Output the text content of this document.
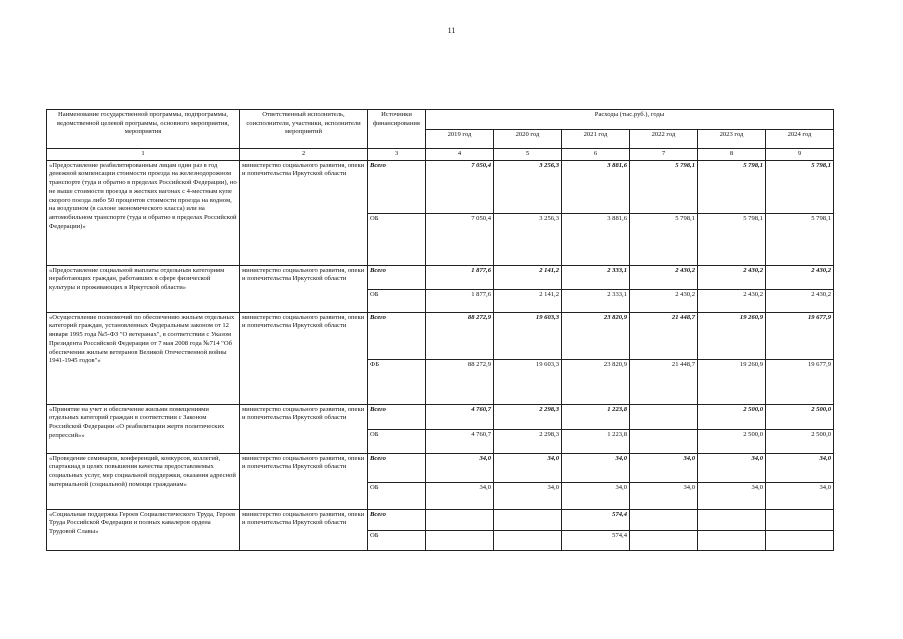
11
Наименование государственной программы, подпрограммы, ведомственной целевой программы, основного мероприятия, мероприятия	Ответственный исполнитель, соисполнители, участники, исполнители мероприятий	Источники финансирования	Расходы (тыс.руб.), годы					
			2019 год	2020 год	2021 год	2022 год	2023 год	2024 год
1	2	3	4	5	6	7	8	9
«Предоставление реабилитированным лицам один раз в год денежной компенсации стоимости проезда на железнодорожном транспорте (туда и обратно в пределах Российской Федерации), но не выше стоимости проезда в жестких вагонах с 4-местным купе скорого поезда либо 50 процентов стоимости проезда на водном, на воздушном (в салоне экономического класса) или на автомобильном транспорте (туда и обратно в пределах Российской Федерации)»	министерство социального развития, опеки и попечительства Иркутской области	Всего	7 050,4	3 256,3	3 881,6	5 798,1	5 798,1	5 798,1
		ОБ	7 050,4	3 256,3	3 881,6	5 798,1	5 798,1	5 798,1
«Предоставление социальной выплаты отдельным категориям неработающих граждан, работавших в сфере физической культуры и проживающих в Иркутской области»	министерство социального развития, опеки и попечительства Иркутской области	Всего	1 877,6	2 141,2	2 333,1	2 430,2	2 430,2	2 430,2
		ОБ	1 877,6	2 141,2	2 333,1	2 430,2	2 430,2	2 430,2
«Осуществление полномочий по обеспечению жильем отдельных категорий граждан, установленных Федеральным законом от 12 января 1995 года №5-ФЗ "О ветеранах", в соответствии с Указом Президента Российской Федерации от 7 мая 2008 года №714 "Об обеспечении жильем ветеранов Великой Отечественной войны 1941-1945 годов"»	министерство социального развития, опеки и попечительства Иркутской области	Всего	88 272,9	19 603,3	23 820,9	21 448,7	19 260,9	19 677,9
		ФБ	88 272,9	19 603,3	23 820,9	21 448,7	19 260,9	19 677,9
«Принятие на учет и обеспечение жильми помещениями отдельных категорий граждан в соответствии с Законом Российской Федерации «О реабилитации жертв политических репрессий»»	министерство социального развития, опеки и попечительства Иркутской области	Всего	4 760,7	2 298,3	1 223,8		2 500,0	2 500,0
		ОБ	4 760,7	2 298,3	1 223,8		2 500,0	2 500,0
«Проведение семинаров, конференций, конкурсов, коллегий, спартакиад в целях повышения качества предоставляемых социальных услуг, мер социальной поддержки, оказания адресной материальной (социальной) помощи гражданам»	министерство социального развития, опеки и попечительства Иркутской области	Всего	34,0	34,0	34,0	34,0	34,0	34,0
		ОБ	34,0	34,0	34,0	34,0	34,0	34,0
«Социальная поддержка Героев Социалистического Труда, Героев Труда Российской Федерации и полных кавалеров ордена Трудовой Славы»	министерство социального развития, опеки и попечительства Иркутской области	Всего			574,4			
		ОБ			574,4			
